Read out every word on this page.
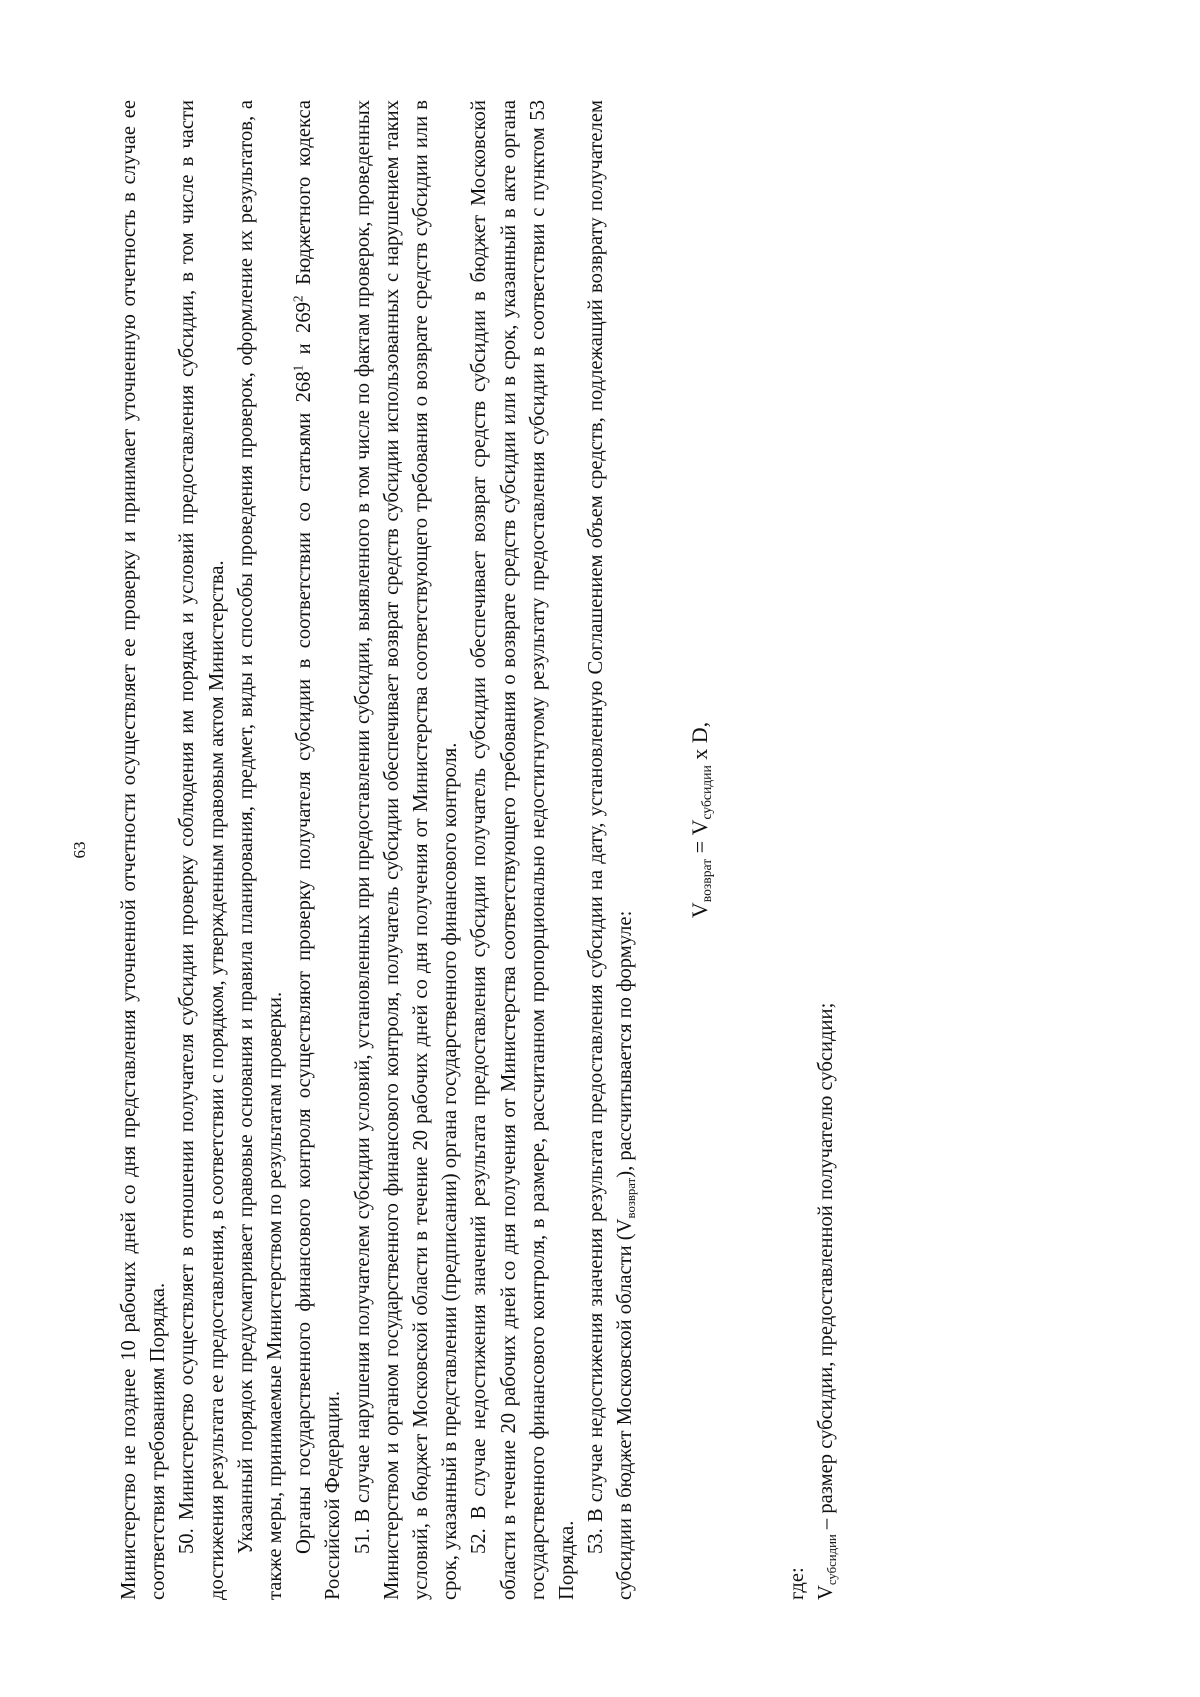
63 Министерство не позднее 10 рабочих дней со дня представления уточненной отчетности осуществляет ее проверку и принимает уточненную отчетность в случае ее соответствия требованиям Порядка. 50. Министерство осуществляет в отношении получателя субсидии проверку соблюдения им порядка и условий предоставления субсидии, в том числе в части достижения результата ее предоставления, в соответствии с порядком, утвержденным правовым актом Министерства. Указанный порядок предусматривает правовые основания и правила планирования, предмет, виды и способы проведения проверок, оформление их результатов, а также меры, принимаемые Министерством по результатам проверки. Органы государственного финансового контроля осуществляют проверку получателя субсидии в соответствии со статьями $268^1$ и $269^2$ Бюджетного кодекса Российской Федерации. 51. В случае нарушения получателем субсидии условий, установленных при предоставлении субсидии, выявленного в том числе по фактам проверок, проведенных Министерством и органом государственного финансового контроля, получатель субсидии обеспечивает возврат средств субсидии использованных с нарушением таких условий, в бюджет Московской области в течение 20 рабочих дней со дня получения от Министерства соответствующего требования о возврате средств субсидии или в срок, указанный в представлении (предписании) органа государственного финансового контроля. 52. В случае недостижения значений результата предоставления субсидии получатель субсидии обеспечивает возврат средств субсидии в бюджет Московской области в течение 20 рабочих дней со дня получения от Министерства соответствующего требования о возврате средств субсидии или в срок, указанный в акте органа государственного финансового контроля, в размере, рассчитанном пропорционально недостигнутому результату предоставления субсидии в соответствии с пунктом 53 Порядка.

53. В случае недостижения значения результата предоставления субсидии на дату, установленную Соглашением объем средств, подлежащий возврату получателем субсидии в бюджет Московской области $(V_{возврат})$, рассчитывается по формуле:

$V_{возврат} = V_{субсидии}$ x D,

где: $V_{субсидии}$ – размер субсидии, предоставленной получателю субсидии;
